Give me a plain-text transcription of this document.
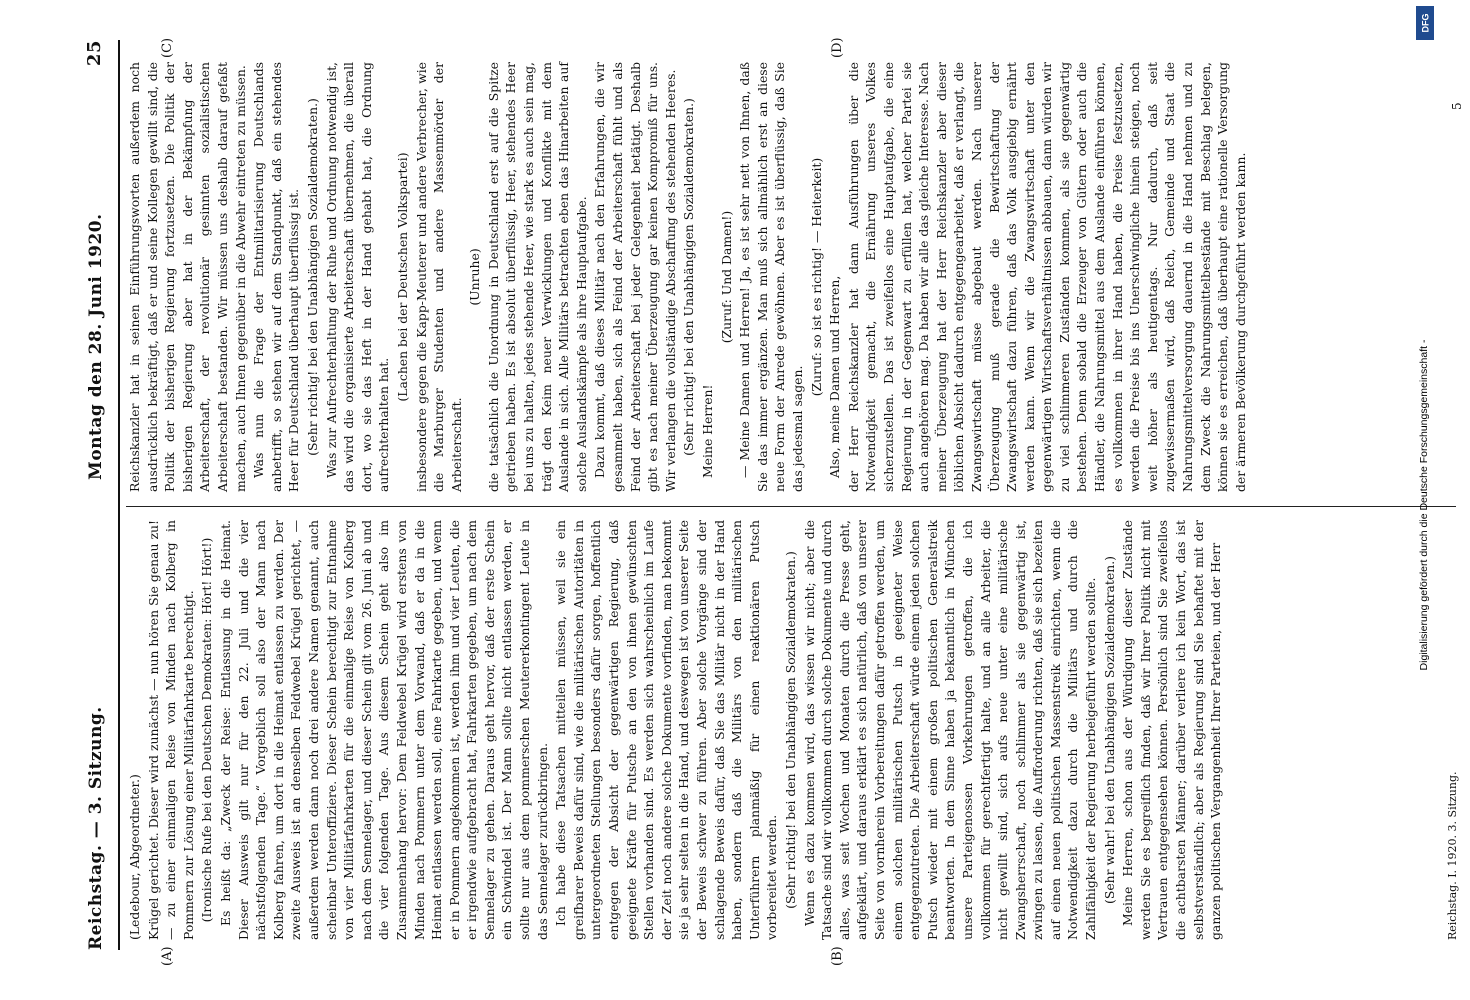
Reichstag. — 3. Sitzung.
Montag den 28. Juni 1920.
25
(A)	(B)
(C)	(D)

(Ledebour, Abgeordneter.) Krügel gerichtet. Dieser wird zunächst — nun hören Sie genau zu! — zu einer einmaligen Reise von Minden nach Kolberg in Pommern zur Lösung einer Militärfahrkarte berechtigt. (Ironische Rufe bei den Deutschen Demokraten: Hört! Hört!) Es heißt da: „Zweck der Reise: Entlassung in die Heimat. Dieser Ausweis gilt nur für den 22. Juli und die vier nächstfolgenden Tage.“ Vorgeblich soll also der Mann nach Kolberg fahren, um dort in die Heimat entlassen zu werden. Der zweite Ausweis ist an denselben Feldwebel Krügel gerichtet, — außerdem werden dann noch drei andere Namen genannt, auch scheinbar Unteroffiziere. Dieser Schein berechtigt zur Entnahme von vier Militärfahrkarten für die einmalige Reise von Kolberg nach dem Sennelager, und dieser Schein gilt vom 26. Juni ab und die vier folgenden Tage. Aus diesem Schein geht also im Zusammenhang hervor: Dem Feldwebel Krügel wird erstens von Minden nach Pommern unter dem Vorwand, daß er da in die Heimat entlassen werden soll, eine Fahrkarte gegeben, und wenn er in Pommern angekommen ist, werden ihm und vier Leuten, die er irgendwie aufgebracht hat, Fahrkarten gegeben, um nach dem Sennelager zu gehen. Daraus geht hervor, daß der erste Schein ein Schwindel ist. Der Mann sollte nicht entlassen werden, er sollte nur aus dem pommerschen Meutererkontingent Leute in das Sennelager zurückbringen. Ich habe diese Tatsachen mitteilen müssen, weil sie ein greifbarer Beweis dafür sind, wie die militärischen Autoritäten in untergeordneten Stellungen besonders dafür sorgen, hoffentlich entgegen der Absicht der gegenwärtigen Regierung, daß geeignete Kräfte für Putsche an den von ihnen gewünschten Stellen vorhanden sind. Es werden sich wahrscheinlich im Laufe der Zeit noch andere solche Dokumente vorfinden, man bekommt sie ja sehr selten in die Hand, und deswegen ist von unserer Seite der Beweis schwer zu führen. Aber solche Vorgänge sind der schlagende Beweis dafür, daß Sie das Militär nicht in der Hand haben, sondern daß die Militärs von den militärischen Unterführern planmäßig für einen reaktionären Putsch vorbereitet werden. (Sehr richtig! bei den Unabhängigen Sozialdemokraten.) Wenn es dazu kommen wird, das wissen wir nicht; aber die Tatsache sind wir vollkommen durch solche Dokumente und durch alles, was seit Wochen und Monaten durch die Presse geht, aufgeklärt, und daraus erklärt es sich natürlich, daß von unserer Seite von vornherein Vorbereitungen dafür getroffen werden, um einem solchen militärischen Putsch in geeigneter Weise entgegenzutreten. Die Arbeiterschaft würde einem jeden solchen Putsch wieder mit einem großen politischen Generalstreik beantworten. In dem Sinne haben ja bekanntlich in München unsere Parteigenossen Vorkehrungen getroffen, die ich vollkommen für gerechtfertigt halte, und an alle Arbeiter, die nicht gewillt sind, sich aufs neue unter eine militärische Zwangsherrschaft, noch schlimmer als sie gegenwärtig ist, zwingen zu lassen, die Aufforderung richten, daß sie sich bezeiten auf einen neuen politischen Massenstreik einrichten, wenn die Notwendigkeit dazu durch die Militärs und durch die Zahlfähigkeit der Regierung herbeigeführt werden sollte. (Sehr wahr! bei den Unabhängigen Sozialdemokraten.) Meine Herren, schon aus der Würdigung dieser Zustände werden Sie es begreiflich finden, daß wir Ihrer Politik nicht mit Vertrauen entgegensehen können. Persönlich sind Sie zweifellos die achtbarsten Männer; darüber verliere ich kein Wort, das ist selbstverständlich; aber als Regierung sind Sie behaftet mit der ganzen politischen Vergangenheit Ihrer Parteien, und der Herr

Reichskanzler hat in seinen Einführungsworten außerdem noch ausdrücklich bekräftigt, daß er und seine Kollegen gewillt sind, die Politik der bisherigen Regierung fortzusetzen. Die Politik der bisherigen Regierung aber hat in der Bekämpfung der Arbeiterschaft, der revolutionär gesinnten sozialistischen Arbeiterschaft bestanden. Wir müssen uns deshalb darauf gefaßt machen, auch Ihnen gegenüber in die Abwehr eintreten zu müssen. Was nun die Frage der Entmilitarisierung Deutschlands anbetrifft, so stehen wir auf dem Standpunkt, daß ein stehendes Heer für Deutschland überhaupt überflüssig ist. (Sehr richtig! bei den Unabhängigen Sozialdemokraten.) Was zur Aufrechterhaltung der Ruhe und Ordnung notwendig ist, das wird die organisierte Arbeiterschaft übernehmen, die überall dort, wo sie das Heft in der Hand gehabt hat, die Ordnung aufrechterhalten hat.

(Lachen bei der Deutschen Volkspartei) insbesondere gegen die Kapp-Meuterer und andere Verbrecher, wie die Marburger Studenten und andere Massenmörder der Arbeiterschaft.

(Unruhe) die tatsächlich die Unordnung in Deutschland erst auf die Spitze getrieben haben. Es ist absolut überflüssig, Heer, stehendes Heer bei uns zu halten, jedes stehende Heer, wie stark es auch sein mag, trägt den Keim neuer Verwicklungen und Konflikte mit dem Auslande in sich. Alle Militärs betrachten eben das Hinarbeiten auf solche Auslandskämpfe als ihre Hauptaufgabe. Dazu kommt, daß dieses Militär nach den Erfahrungen, die wir gesammelt haben, sich als Feind der Arbeiterschaft fühlt und als Feind der Arbeiterschaft bei jeder Gelegenheit betätigt. Deshalb gibt es nach meiner Überzeugung gar keinen Kompromiß für uns. Wir verlangen die vollständige Abschaffung des stehenden Heeres. (Sehr richtig! bei den Unabhängigen Sozialdemokraten.) Meine Herren!

(Zuruf: Und Damen!) — Meine Damen und Herren! Ja, es ist sehr nett von Ihnen, daß Sie das immer ergänzen. Man muß sich allmählich erst an diese neue Form der Anrede gewöhnen. Aber es ist überflüssig, daß Sie das jedesmal sagen.

(Zuruf: so ist es richtig! — Heiterkeit) Also, meine Damen und Herren, der Herr Reichskanzler hat dann Ausführungen über die Notwendigkeit gemacht, die Ernährung unseres Volkes sicherzustellen. Das ist zweifellos eine Hauptaufgabe, die eine Regierung in der Gegenwart zu erfüllen hat, welcher Partei sie auch angehören mag. Da haben wir alle das gleiche Interesse. Nach meiner Überzeugung hat der Herr Reichskanzler aber dieser löblichen Absicht dadurch entgegengearbeitet, daß er verlangt, die Zwangswirtschaft müsse abgebaut werden. Nach unserer Überzeugung muß gerade die Bewirtschaftung der Zwangswirtschaft dazu führen, daß das Volk ausgiebig ernährt werden kann. Wenn wir die Zwangswirtschaft unter den gegenwärtigen Wirtschaftsverhältnissen abbauen, dann würden wir zu viel schlimmeren Zuständen kommen, als sie gegenwärtig bestehen. Denn sobald die Erzeuger von Gütern oder auch die Händler, die Nahrungsmittel aus dem Auslande einführen können, es vollkommen in ihrer Hand haben, die Preise festzusetzen, werden die Preise bis ins Unerschwingliche hinein steigen, noch weit höher als heutigentags. Nur dadurch, daß seit zugewissermaßen wird, daß Reich, Gemeinde und Staat die Nahrungsmittelversorgung dauernd in die Hand nehmen und zu dem Zweck die Nahrungsmittelbestände mit Beschlag belegen, können sie es erreichen, daß überhaupt eine rationelle Versorgung der ärmeren Bevölkerung durchgeführt werden kann.

Reichstag. I. 1920. 3. Sitzung.
5
Digitalisierung gefördert durch die Deutsche Forschungsgemeinschaft -
DFG
